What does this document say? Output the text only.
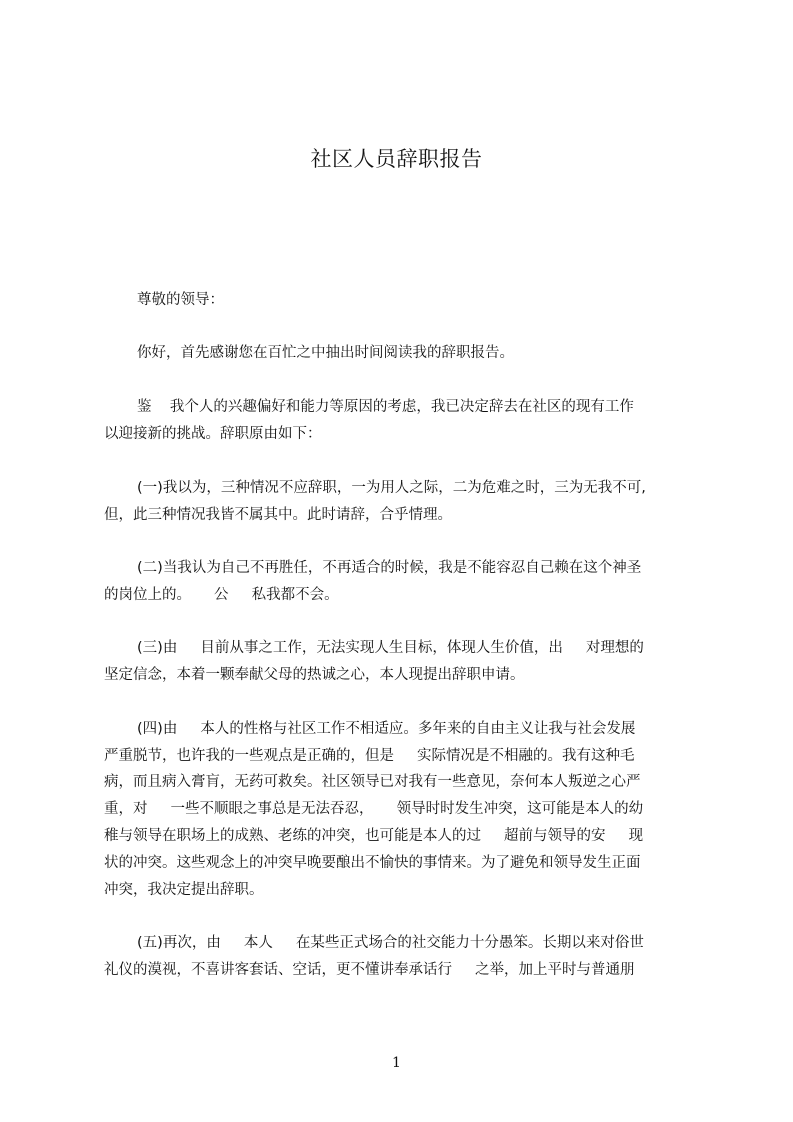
社区人员辞职报告
尊敬的领导：
你好，首先感谢您在百忙之中抽出时间阅读我的辞职报告。
鉴    我个人的兴趣偏好和能力等原因的考虑，我已决定辞去在社区的现有工作
以迎接新的挑战。辞职原由如下：
(一)我以为，三种情况不应辞职，一为用人之际，二为危难之时，三为无我不可,
但，此三种情况我皆不属其中。此时请辞，合乎情理。
(二)当我认为自己不再胜任，不再适合的时候，我是不能容忍自己赖在这个神圣
的岗位上的。     公     私我都不会。
(三)由     目前从事之工作，无法实现人生目标，体现人生价值，出     对理想的
坚定信念，本着一颗奉献父母的热诚之心，本人现提出辞职申请。
(四)由     本人的性格与社区工作不相适应。多年来的自由主义让我与社会发展
严重脱节，也许我的一些观点是正确的，但是     实际情况是不相融的。我有这种毛
病，而且病入膏肓，无药可救矣。社区领导已对我有一些意见，奈何本人叛逆之心严
重，对     一些不顺眼之事总是无法吞忍，     领导时时发生冲突，这可能是本人的幼
稚与领导在职场上的成熟、老练的冲突，也可能是本人的过     超前与领导的安     现
状的冲突。这些观念上的冲突早晚要酿出不愉快的事情来。为了避免和领导发生正面
冲突，我决定提出辞职。
(五)再次，由     本人     在某些正式场合的社交能力十分愚笨。长期以来对俗世
礼仪的漠视，不喜讲客套话、空话，更不懂讲奉承话行     之举，加上平时与普通朋
1
